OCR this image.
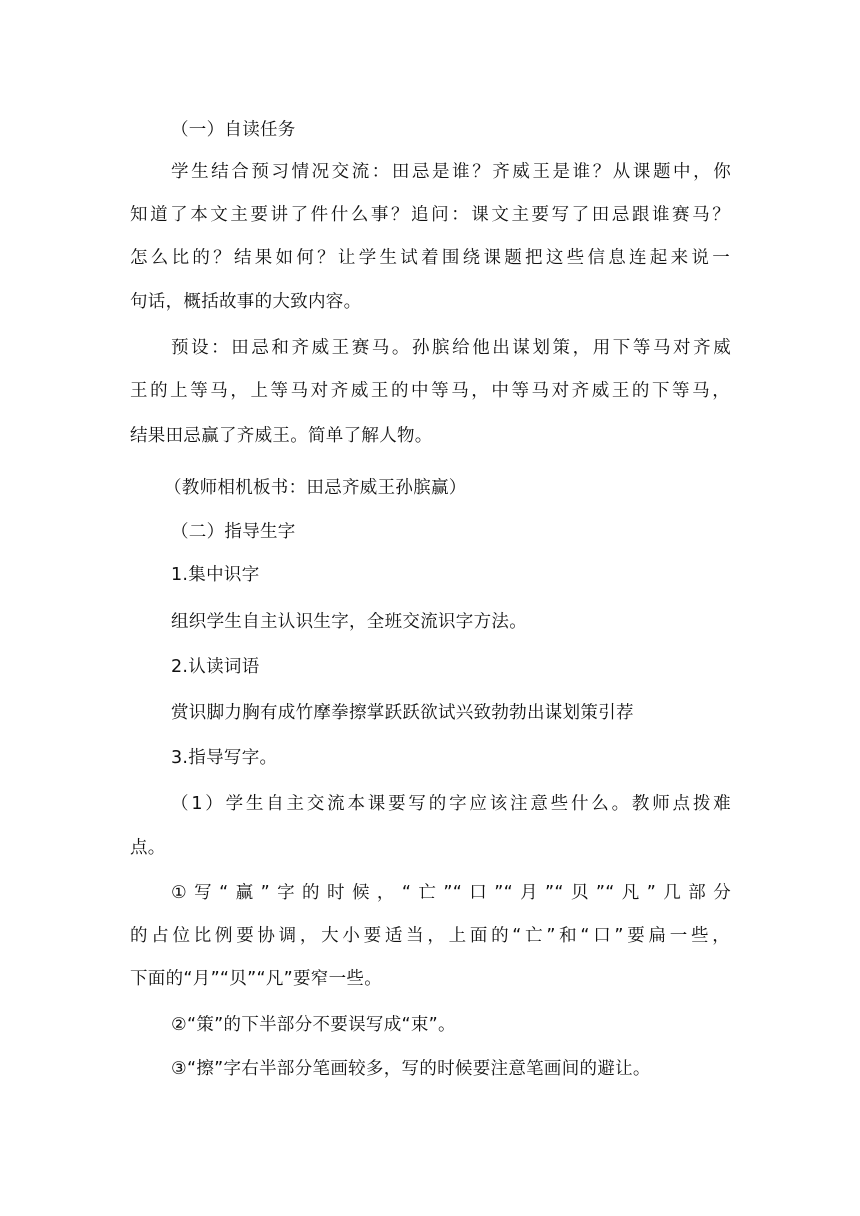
（一）自读任务
学生结合预习情况交流：田忌是谁？齐威王是谁？从课题中，你
知道了本文主要讲了件什么事？追问：课文主要写了田忌跟谁赛马？
怎么比的？结果如何？让学生试着围绕课题把这些信息连起来说一
句话，概括故事的大致内容。
预设：田忌和齐威王赛马。孙膑给他出谋划策，用下等马对齐威
王的上等马，上等马对齐威王的中等马，中等马对齐威王的下等马，
结果田忌赢了齐威王。简单了解人物。
（教师相机板书：田忌齐威王孙膑赢）
（二）指导生字
1.集中识字
组织学生自主认识生字，全班交流识字方法。
2.认读词语
赏识脚力胸有成竹摩拳擦掌跃跃欲试兴致勃勃出谋划策引荐
3.指导写字。
（1）学生自主交流本课要写的字应该注意些什么。教师点拨难
点。
①写“赢”字的时候，“亡”“口”“月”“贝”“凡”几部分
的占位比例要协调，大小要适当，上面的“亡”和“口”要扁一些，
下面的“月”“贝”“凡”要窄一些。
②“策”的下半部分不要误写成“束”。
③“擦”字右半部分笔画较多，写的时候要注意笔画间的避让。
